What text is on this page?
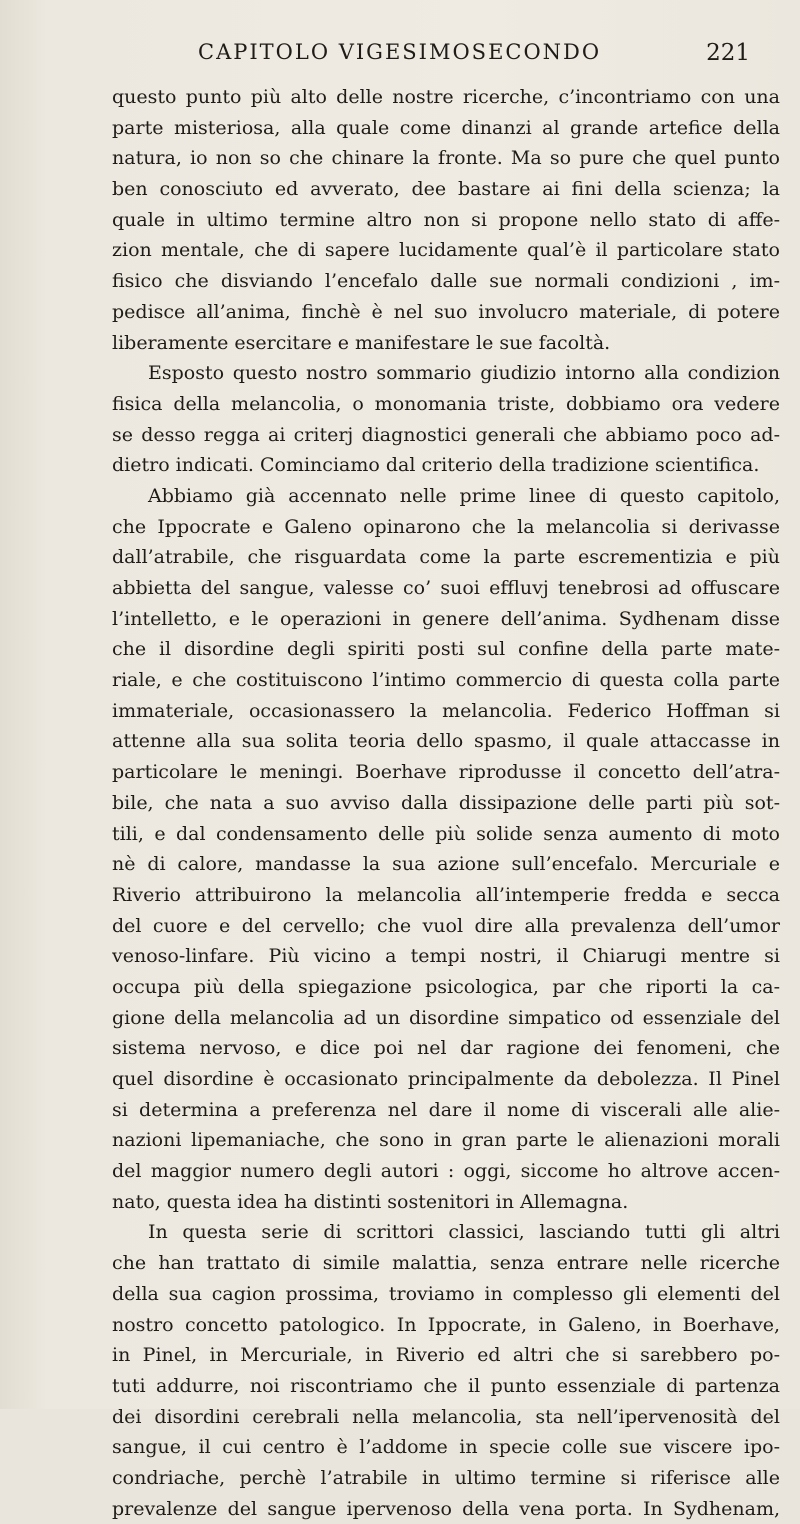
CAPITOLO VIGESIMOSECONDO	221
questo punto più alto delle nostre ricerche, c’incontriamo con una
parte misteriosa, alla quale come dinanzi al grande artefice della
natura, io non so che chinare la fronte. Ma so pure che quel punto
ben conosciuto ed avverato, dee bastare ai fini della scienza; la
quale in ultimo termine altro non si propone nello stato di affe-
zion mentale, che di sapere lucidamente qual’è il particolare stato
fisico che disviando l’encefalo dalle sue normali condizioni , im-
pedisce all’anima, finchè è nel suo involucro materiale, di potere
liberamente esercitare e manifestare le sue facoltà.
Esposto questo nostro sommario giudizio intorno alla condizion
fisica della melancolia, o monomania triste, dobbiamo ora vedere
se desso regga ai criterj diagnostici generali che abbiamo poco ad-
dietro indicati. Cominciamo dal criterio della tradizione scientifica.
Abbiamo già accennato nelle prime linee di questo capitolo,
che Ippocrate e Galeno opinarono che la melancolia si derivasse
dall’atrabile, che risguardata come la parte escrementizia e più
abbietta del sangue, valesse co’ suoi effluvj tenebrosi ad offuscare
l’intelletto, e le operazioni in genere dell’anima. Sydhenam disse
che il disordine degli spiriti posti sul confine della parte mate-
riale, e che costituiscono l’intimo commercio di questa colla parte
immateriale, occasionassero la melancolia. Federico Hoffman si
attenne alla sua solita teoria dello spasmo, il quale attaccasse in
particolare le meningi. Boerhave riprodusse il concetto dell’atra-
bile, che nata a suo avviso dalla dissipazione delle parti più sot-
tili, e dal condensamento delle più solide senza aumento di moto
nè di calore, mandasse la sua azione sull’encefalo. Mercuriale e
Riverio attribuirono la melancolia all’intemperie fredda e secca
del cuore e del cervello; che vuol dire alla prevalenza dell’umor
venoso-linfare. Più vicino a tempi nostri, il Chiarugi mentre si
occupa più della spiegazione psicologica, par che riporti la ca-
gione della melancolia ad un disordine simpatico od essenziale del
sistema nervoso, e dice poi nel dar ragione dei fenomeni, che
quel disordine è occasionato principalmente da debolezza. Il Pinel
si determina a preferenza nel dare il nome di viscerali alle alie-
nazioni lipemaniache, che sono in gran parte le alienazioni morali
del maggior numero degli autori : oggi, siccome ho altrove accen-
nato, questa idea ha distinti sostenitori in Allemagna.
In questa serie di scrittori classici, lasciando tutti gli altri
che han trattato di simile malattia, senza entrare nelle ricerche
della sua cagion prossima, troviamo in complesso gli elementi del
nostro concetto patologico. In Ippocrate, in Galeno, in Boerhave,
in Pinel, in Mercuriale, in Riverio ed altri che si sarebbero po-
tuti addurre, noi riscontriamo che il punto essenziale di partenza
dei disordini cerebrali nella melancolia, sta nell’ipervenosità del
sangue, il cui centro è l’addome in specie colle sue viscere ipo-
condriache, perchè l’atrabile in ultimo termine si riferisce alle
prevalenze del sangue ipervenoso della vena porta. In Sydhenam,
